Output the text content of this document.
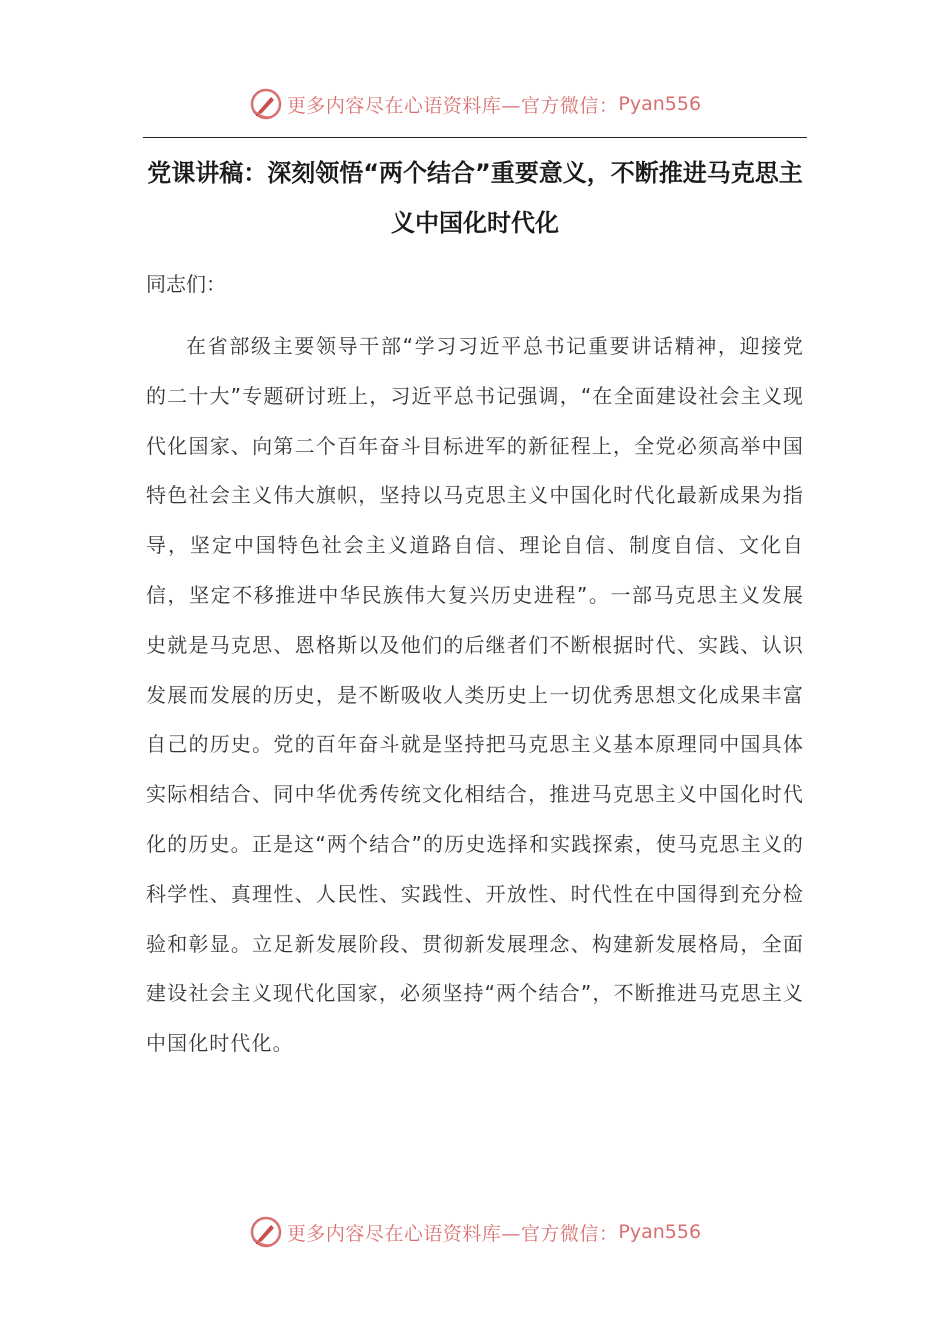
更多内容尽在心语资料库—官方微信： Pyan556
党课讲稿：深刻领悟“两个结合”重要意义，不断推进马克思主义中国化时代化

同志们：

在省部级主要领导干部“学习习近平总书记重要讲话精神，迎接党的二十大”专题研讨班上，习近平总书记强调，“在全面建设社会主义现代化国家、向第二个百年奋斗目标进军的新征程上，全党必须高举中国特色社会主义伟大旗帜，坚持以马克思主义中国化时代化最新成果为指导，坚定中国特色社会主义道路自信、理论自信、制度自信、文化自信，坚定不移推进中华民族伟大复兴历史进程”。一部马克思主义发展史就是马克思、恩格斯以及他们的后继者们不断根据时代、实践、认识发展而发展的历史，是不断吸收人类历史上一切优秀思想文化成果丰富自己的历史。党的百年奋斗就是坚持把马克思主义基本原理同中国具体实际相结合、同中华优秀传统文化相结合，推进马克思主义中国化时代化的历史。正是这“两个结合”的历史选择和实践探索，使马克思主义的科学性、真理性、人民性、实践性、开放性、时代性在中国得到充分检验和彰显。立足新发展阶段、贯彻新发展理念、构建新发展格局，全面建设社会主义现代化国家，必须坚持“两个结合”，不断推进马克思主义中国化时代化。

更多内容尽在心语资料库—官方微信： Pyan556
